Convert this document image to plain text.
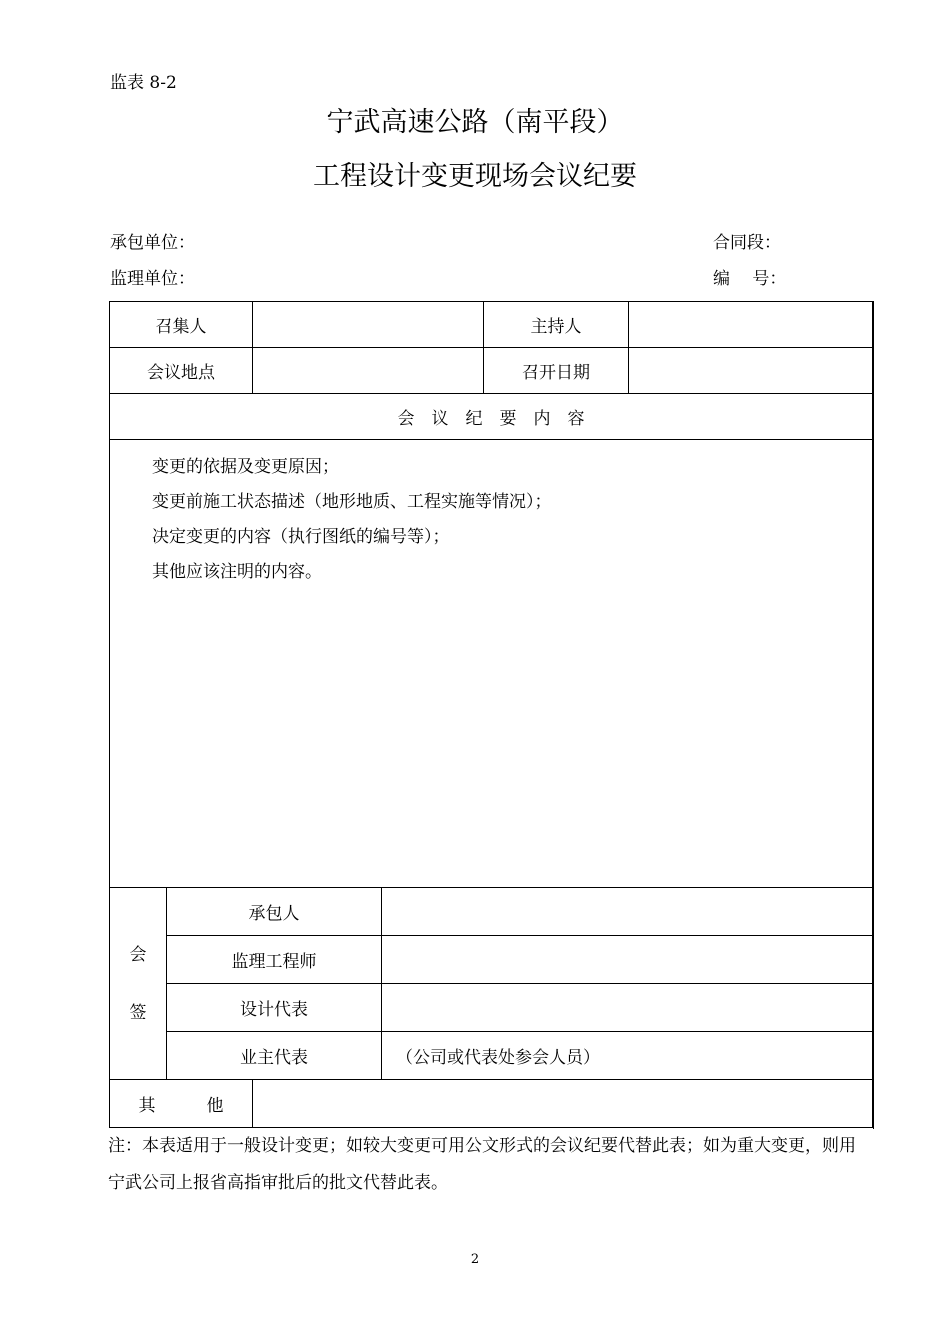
监表 8-2
宁武高速公路（南平段）
工程设计变更现场会议纪要
承包单位：	合同段：
监理单位：	编　 号：
召集人				主持人	
会议地点				召开日期	
会议纪要内容					

变更的依据及变更原因；
变更前施工状态描述（地形地质、工程实施等情况）；
决定变更的内容（执行图纸的编号等）；
其他应该注明的内容。					

会
签	承包人				
	监理工程师				
	设计代表				
	业主代表		（公司或代表处参会人员）		
其　　　他					
注：本表适用于一般设计变更；如较大变更可用公文形式的会议纪要代替此表；如为重大变更，则用宁武公司上报省高指审批后的批文代替此表。
2
